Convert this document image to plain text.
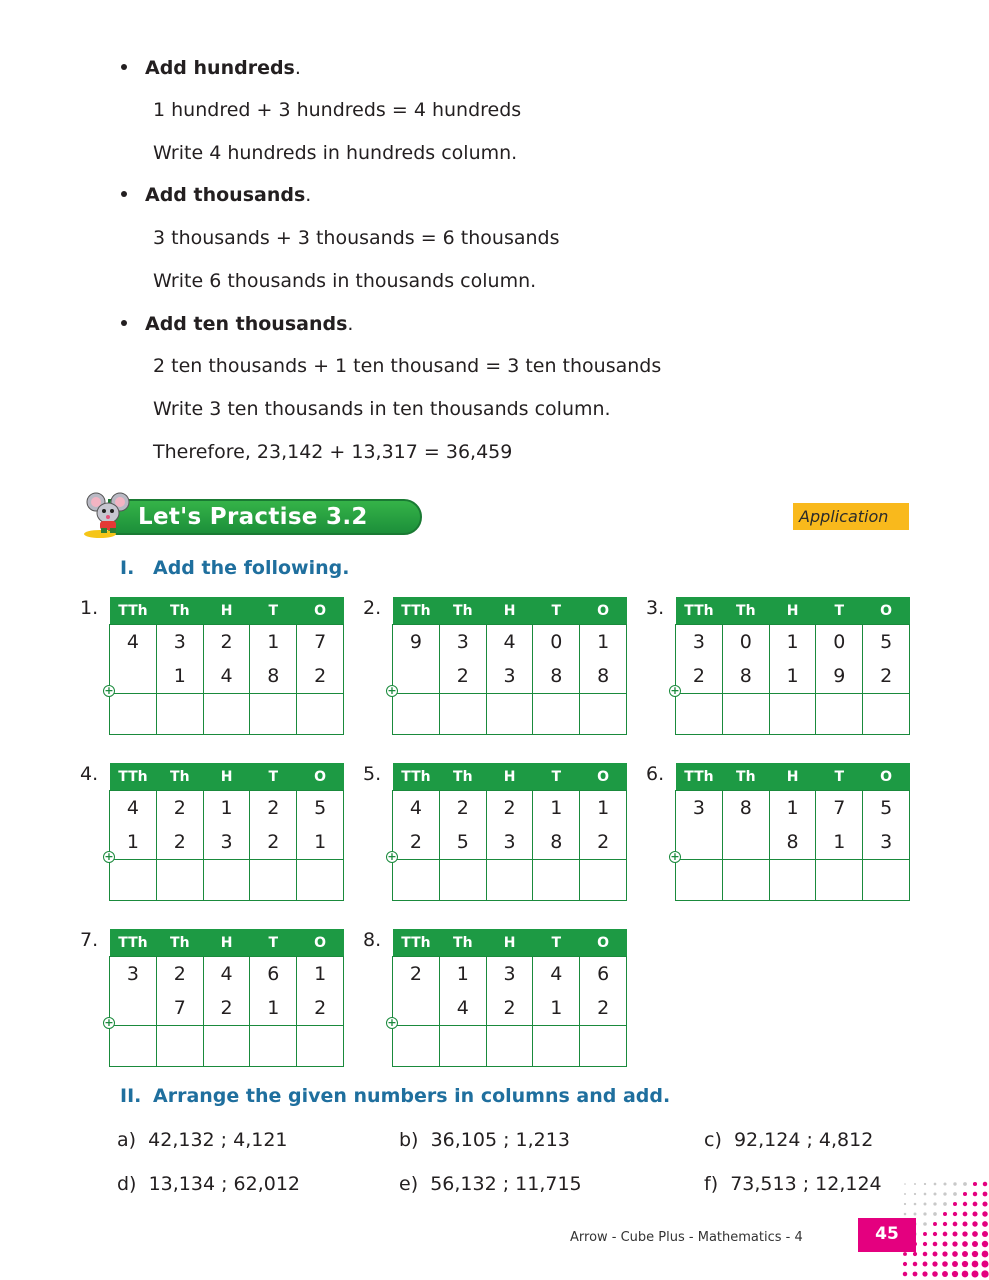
Add hundreds.
1 hundred + 3 hundreds = 4 hundreds
Write 4 hundreds in hundreds column.
Add thousands.
3 thousands + 3 thousands = 6 thousands
Write 6 thousands in thousands column.
Add ten thousands.
2 ten thousands + 1 ten thousand = 3 ten thousands
Write 3 ten thousands in ten thousands column.
Therefore, 23,142 + 13,317 = 36,459
Let's Practise 3.2	Application
I. Add the following.
1. TTh	Th	H	T	O
4	3	2	1	7
	1	4	8	2

+
2. TTh	Th	H	T	O
9	3	4	0	1
	2	3	8	8

+
3. TTh	Th	H	T	O
3	0	1	0	5
2	8	1	9	2

+
4. TTh	Th	H	T	O
4	2	1	2	5
1	2	3	2	1

+
5. TTh	Th	H	T	O
4	2	2	1	1
2	5	3	8	2

+
6. TTh	Th	H	T	O
3	8	1	7	5
		8	1	3

+
7. TTh	Th	H	T	O
3	2	4	6	1
	7	2	1	2

+
8. TTh	Th	H	T	O
2	1	3	4	6
	4	2	1	2

+
II. Arrange the given numbers in columns and add.
a) 42,132 ; 4,121	b) 36,105 ; 1,213	c) 92,124 ; 4,812
d) 13,134 ; 62,012	e) 56,132 ; 11,715	f) 73,513 ; 12,124
Arrow - Cube Plus - Mathematics - 4	45
